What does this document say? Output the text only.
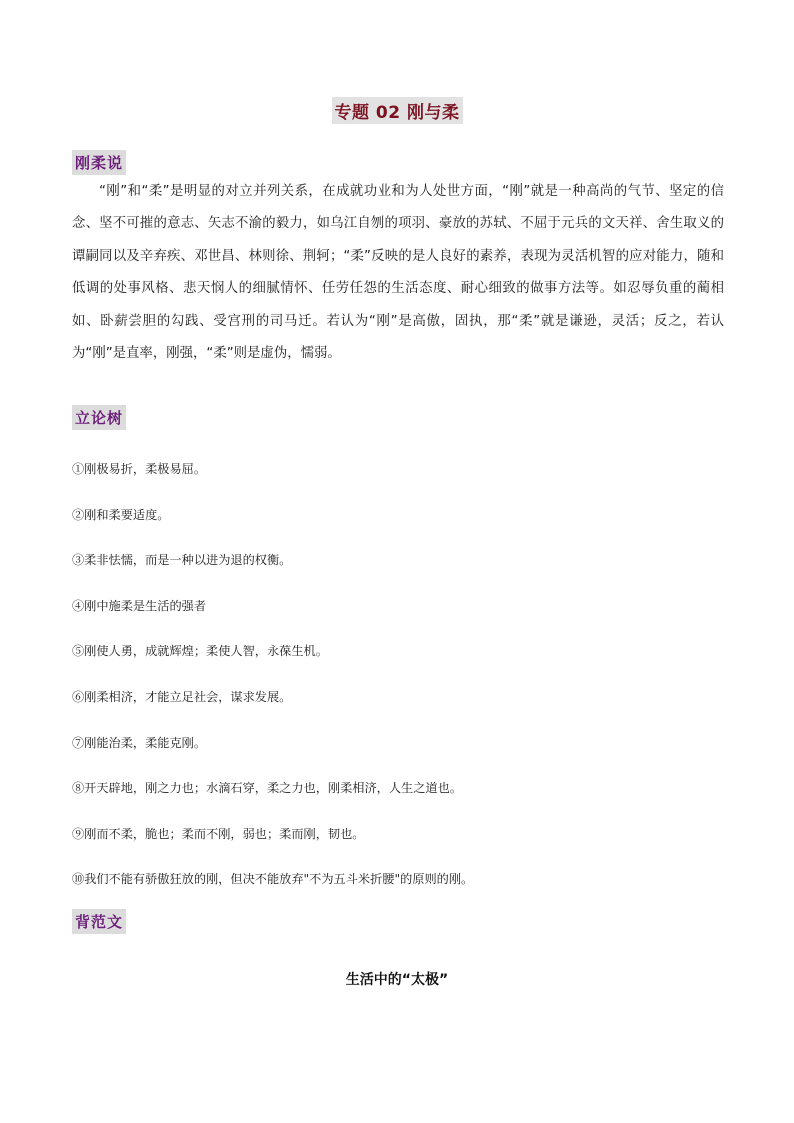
专题 02 刚与柔
刚柔说

“刚”和“柔”是明显的对立并列关系，在成就功业和为人处世方面，“刚”就是一种高尚的气节、坚定的信念、坚不可摧的意志、矢志不渝的毅力，如乌江自刎的项羽、豪放的苏轼、不屈于元兵的文天祥、舍生取义的谭嗣同以及辛弃疾、邓世昌、林则徐、荆轲；“柔”反映的是人良好的素养，表现为灵活机智的应对能力，随和低调的处事风格、悲天悯人的细腻情怀、任劳任怨的生活态度、耐心细致的做事方法等。如忍辱负重的蔺相如、卧薪尝胆的勾践、受宫刑的司马迁。若认为“刚”是高傲，固执，那“柔”就是谦逊，灵活；反之，若认为“刚”是直率，刚强，“柔”则是虚伪，懦弱。

立论树
①刚极易折，柔极易屈。
②刚和柔要适度。
③柔非怯懦，而是一种以进为退的权衡。
④刚中施柔是生活的强者
⑤刚使人勇，成就辉煌；柔使人智，永葆生机。
⑥刚柔相济，才能立足社会，谋求发展。
⑦刚能治柔，柔能克刚。
⑧开天辟地，刚之力也；水滴石穿，柔之力也，刚柔相济，人生之道也。
⑨刚而不柔，脆也；柔而不刚，弱也；柔而刚，韧也。
⑩我们不能有骄傲狂放的刚，但决不能放弃"不为五斗米折腰"的原则的刚。
背范文
生活中的“太极”
